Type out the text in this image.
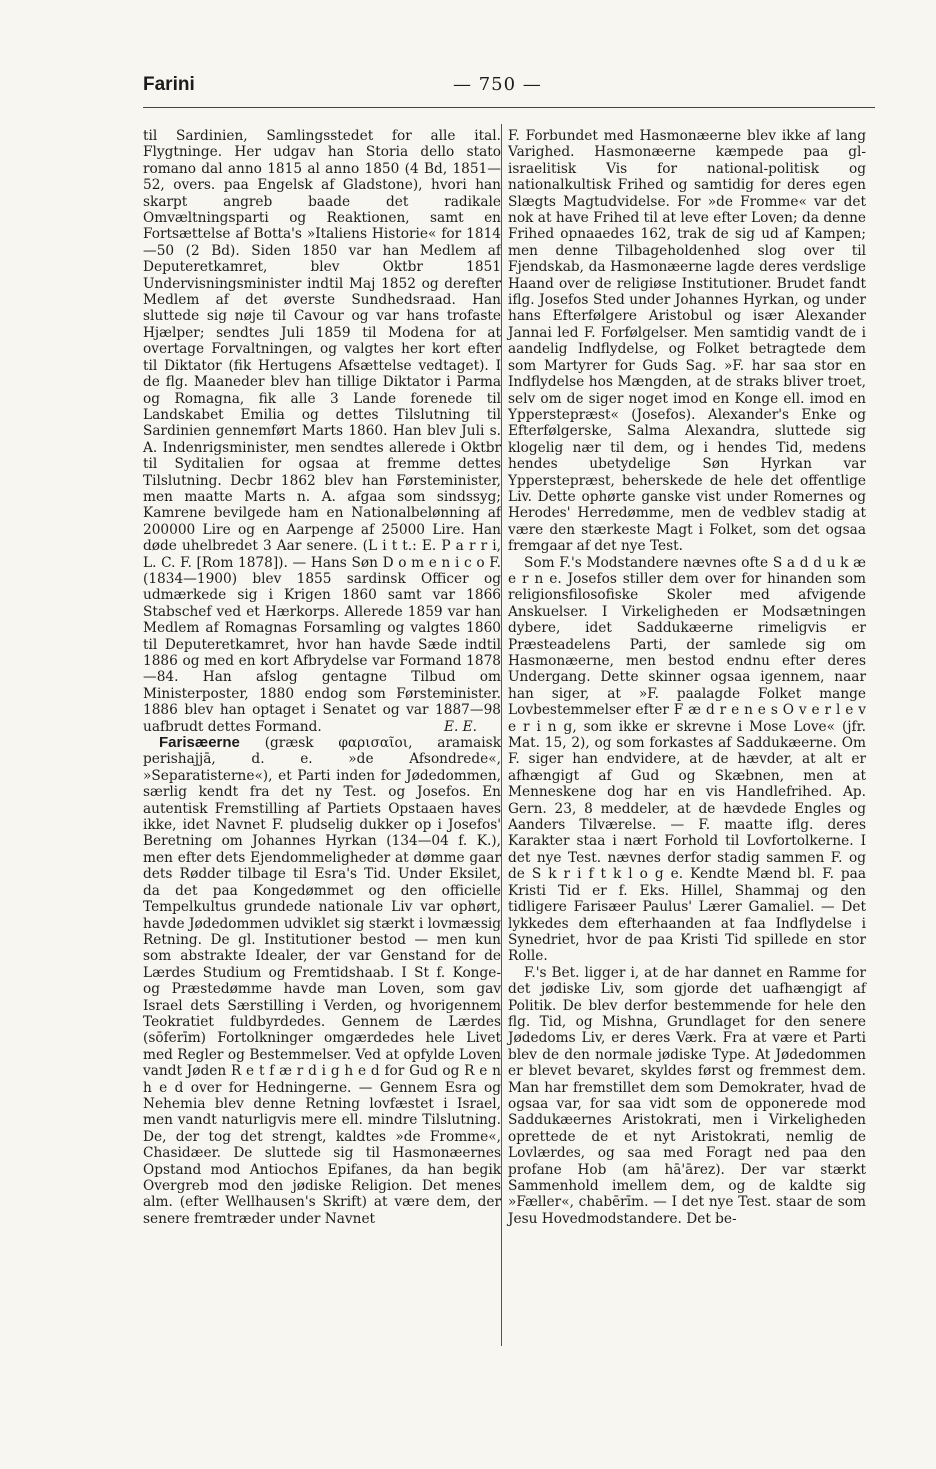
Farini	— 750 —

til Sardinien, Samlingsstedet for alle ital. Flygtninge. Her udgav han Storia dello stato romano dal anno 1815 al anno 1850 (4 Bd, 1851—52, overs. paa Engelsk af Gladstone), hvori han skarpt angreb baade det radikale Omvæltningsparti og Reaktionen, samt en Fortsættelse af Botta's »Italiens Historie« for 1814—50 (2 Bd). Siden 1850 var han Medlem af Deputeretkamret, blev Oktbr 1851 Undervisningsminister indtil Maj 1852 og derefter Medlem af det øverste Sundhedsraad. Han sluttede sig nøje til Cavour og var hans trofaste Hjælper; sendtes Juli 1859 til Modena for at overtage Forvaltningen, og valgtes her kort efter til Diktator (fik Hertugens Afsættelse vedtaget). I de flg. Maaneder blev han tillige Diktator i Parma og Romagna, fik alle 3 Lande forenede til Landskabet Emilia og dettes Tilslutning til Sardinien gennemført Marts 1860. Han blev Juli s. A. Indenrigsminister, men sendtes allerede i Oktbr til Syditalien for ogsaa at fremme dettes Tilslutning. Decbr 1862 blev han Førsteminister, men maatte Marts n. A. afgaa som sindssyg; Kamrene bevilgede ham en Nationalbelønning af 200000 Lire og en Aarpenge af 25000 Lire. Han døde uhelbredet 3 Aar senere. (L i t t.: E. P a r r i, L. C. F. [Rom 1878]). — Hans Søn D o m e n i c o F. (1834—1900) blev 1855 sardinsk Officer og udmærkede sig i Krigen 1860 samt var 1866 Stabschef ved et Hærkorps. Allerede 1859 var han Medlem af Romagnas Forsamling og valgtes 1860 til Deputeretkamret, hvor han havde Sæde indtil 1886 og med en kort Afbrydelse var Formand 1878—84. Han afslog gentagne Tilbud om Ministerposter, 1880 endog som Førsteminister. 1886 blev han optaget i Senatet og var 1887—98 uafbrudt dettes Formand.	E. E.

Farisæerne (græsk φαρισαῖοι, aramaisk perishajjā, d. e. »de Afsondrede«, »Separatisterne«), et Parti inden for Jødedommen, særlig kendt fra det ny Test. og Josefos. En autentisk Fremstilling af Partiets Opstaaen haves ikke, idet Navnet F. pludselig dukker op i Josefos' Beretning om Johannes Hyrkan (134—04 f. K.), men efter dets Ejendommeligheder at dømme gaar dets Rødder tilbage til Esra's Tid. Under Eksilet, da det paa Kongedømmet og den officielle Tempelkultus grundede nationale Liv var ophørt, havde Jødedommen udviklet sig stærkt i lovmæssig Retning. De gl. Institutioner bestod — men kun som abstrakte Idealer, der var Genstand for de Lærdes Studium og Fremtidshaab. I St f. Konge- og Præstedømme havde man Loven, som gav Israel dets Særstilling i Verden, og hvorigennem Teokratiet fuldbyrdedes. Gennem de Lærdes (sōferīm) Fortolkninger omgærdedes hele Livet med Regler og Bestemmelser. Ved at opfylde Loven vandt Jøden R e t f æ r d i g h e d for Gud og R e n h e d over for Hedningerne. — Gennem Esra og Nehemia blev denne Retning lovfæstet i Israel, men vandt naturligvis mere ell. mindre Tilslutning. De, der tog det strengt, kaldtes »de Fromme«, Chasidæer. De sluttede sig til Hasmonæernes Opstand mod Antiochos Epifanes, da han begik Overgreb mod den jødiske Religion. Det menes alm. (efter Wellhausen's Skrift) at være dem, der senere fremtræder under Navnet

F. Forbundet med Hasmonæerne blev ikke af lang Varighed. Hasmonæerne kæmpede paa gl-israelitisk Vis for national-politisk og nationalkultisk Frihed og samtidig for deres egen Slægts Magtudvidelse. For »de Fromme« var det nok at have Frihed til at leve efter Loven; da denne Frihed opnaaedes 162, trak de sig ud af Kampen; men denne Tilbageholdenhed slog over til Fjendskab, da Hasmonæerne lagde deres verdslige Haand over de religiøse Institutioner. Brudet fandt iflg. Josefos Sted under Johannes Hyrkan, og under hans Efterfølgere Aristobul og især Alexander Jannai led F. Forfølgelser. Men samtidig vandt de i aandelig Indflydelse, og Folket betragtede dem som Martyrer for Guds Sag. »F. har saa stor en Indflydelse hos Mængden, at de straks bliver troet, selv om de siger noget imod en Konge ell. imod en Ypperstepræst« (Josefos). Alexander's Enke og Efterfølgerske, Salma Alexandra, sluttede sig klogelig nær til dem, og i hendes Tid, medens hendes ubetydelige Søn Hyrkan var Ypperstepræst, beherskede de hele det offentlige Liv. Dette ophørte ganske vist under Romernes og Herodes' Herredømme, men de vedblev stadig at være den stærkeste Magt i Folket, som det ogsaa fremgaar af det nye Test.

Som F.'s Modstandere nævnes ofte S a d d u k æ e r n e. Josefos stiller dem over for hinanden som religionsfilosofiske Skoler med afvigende Anskuelser. I Virkeligheden er Modsætningen dybere, idet Saddukæerne rimeligvis er Præsteadelens Parti, der samlede sig om Hasmonæerne, men bestod endnu efter deres Undergang. Dette skinner ogsaa igennem, naar han siger, at »F. paalagde Folket mange Lovbestemmelser efter F æ d r e n e s O v e r l e v e r i n g, som ikke er skrevne i Mose Love« (jfr. Mat. 15, 2), og som forkastes af Saddukæerne. Om F. siger han endvidere, at de hævder, at alt er afhængigt af Gud og Skæbnen, men at Menneskene dog har en vis Handlefrihed. Ap. Gern. 23, 8 meddeler, at de hævdede Engles og Aanders Tilværelse. — F. maatte iflg. deres Karakter staa i nært Forhold til Lovfortolkerne. I det nye Test. nævnes derfor stadig sammen F. og de S k r i f t k l o g e. Kendte Mænd bl. F. paa Kristi Tid er f. Eks. Hillel, Shammaj og den tidligere Farisæer Paulus' Lærer Gamaliel. — Det lykkedes dem efterhaanden at faa Indflydelse i Synedriet, hvor de paa Kristi Tid spillede en stor Rolle.

F.'s Bet. ligger i, at de har dannet en Ramme for det jødiske Liv, som gjorde det uafhængigt af Politik. De blev derfor bestemmende for hele den flg. Tid, og Mishna, Grundlaget for den senere Jødedoms Liv, er deres Værk. Fra at være et Parti blev de den normale jødiske Type. At Jødedommen er blevet bevaret, skyldes først og fremmest dem. Man har fremstillet dem som Demokrater, hvad de ogsaa var, for saa vidt som de opponerede mod Saddukæernes Aristokrati, men i Virkeligheden oprettede de et nyt Aristokrati, nemlig de Lovlærdes, og saa med Foragt ned paa den profane Hob (am hā'ārez). Der var stærkt Sammenhold imellem dem, og de kaldte sig »Fæller«, chabērīm. — I det nye Test. staar de som Jesu Hovedmodstandere. Det be-
